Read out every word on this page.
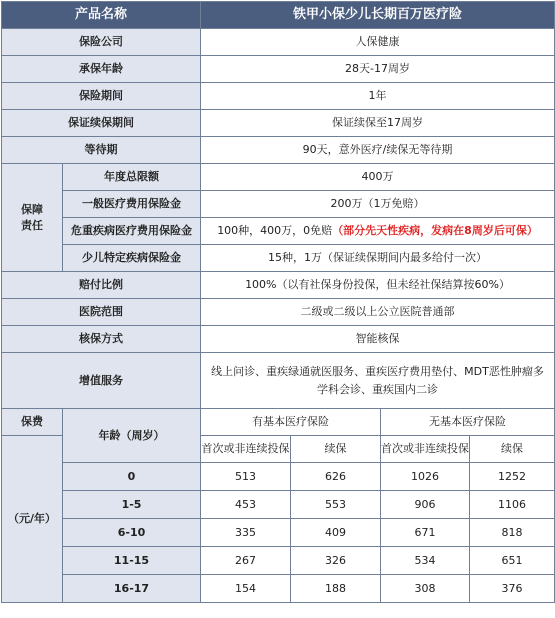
产品名称		铁甲小保少儿长期百万医疗险			
保险公司		人保健康			
承保年龄		28天-17周岁			
保险期间		1年			
保证续保期间		保证续保至17周岁			
等待期		90天，意外医疗/续保无等待期			
保障
责任	年度总限额	400万			
	一般医疗费用保险金	200万（1万免赔）			
	危重疾病医疗费用保险金	100种，400万，0免赔（部分先天性疾病，发病在8周岁后可保）			
	少儿特定疾病保险金	15种，1万（保证续保期间内最多给付一次）			
赔付比例		100%（以有社保身份投保，但未经社保结算按60%）			
医院范围		二级或二级以上公立医院普通部			
核保方式		智能核保			
增值服务		线上问诊、重疾绿通就医服务、重疾医疗费用垫付、MDT恶性肿瘤多学科会诊、重疾国内二诊			
保费	年龄（周岁）	有基本医疗保险		无基本医疗保险	
（元/年）		首次或非连续投保	续保	首次或非连续投保	续保
	0	513	626	1026	1252
	1-5	453	553	906	1106
	6-10	335	409	671	818
	11-15	267	326	534	651
	16-17	154	188	308	376
